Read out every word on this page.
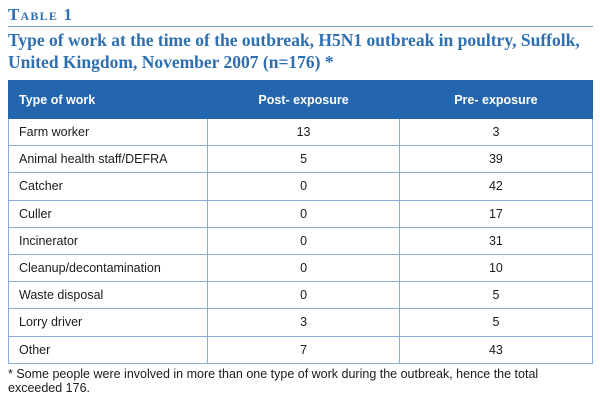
Table 1
Type of work at the time of the outbreak, H5N1 outbreak in poultry, Suffolk, United Kingdom, November 2007 (n=176) *
Type of work	Post- exposure	Pre- exposure
Farm worker	13	3
Animal health staff/DEFRA	5	39
Catcher	0	42
Culler	0	17
Incinerator	0	31
Cleanup/decontamination	0	10
Waste disposal	0	5
Lorry driver	3	5
Other	7	43

* Some people were involved in more than one type of work during the outbreak, hence the total exceeded 176.
